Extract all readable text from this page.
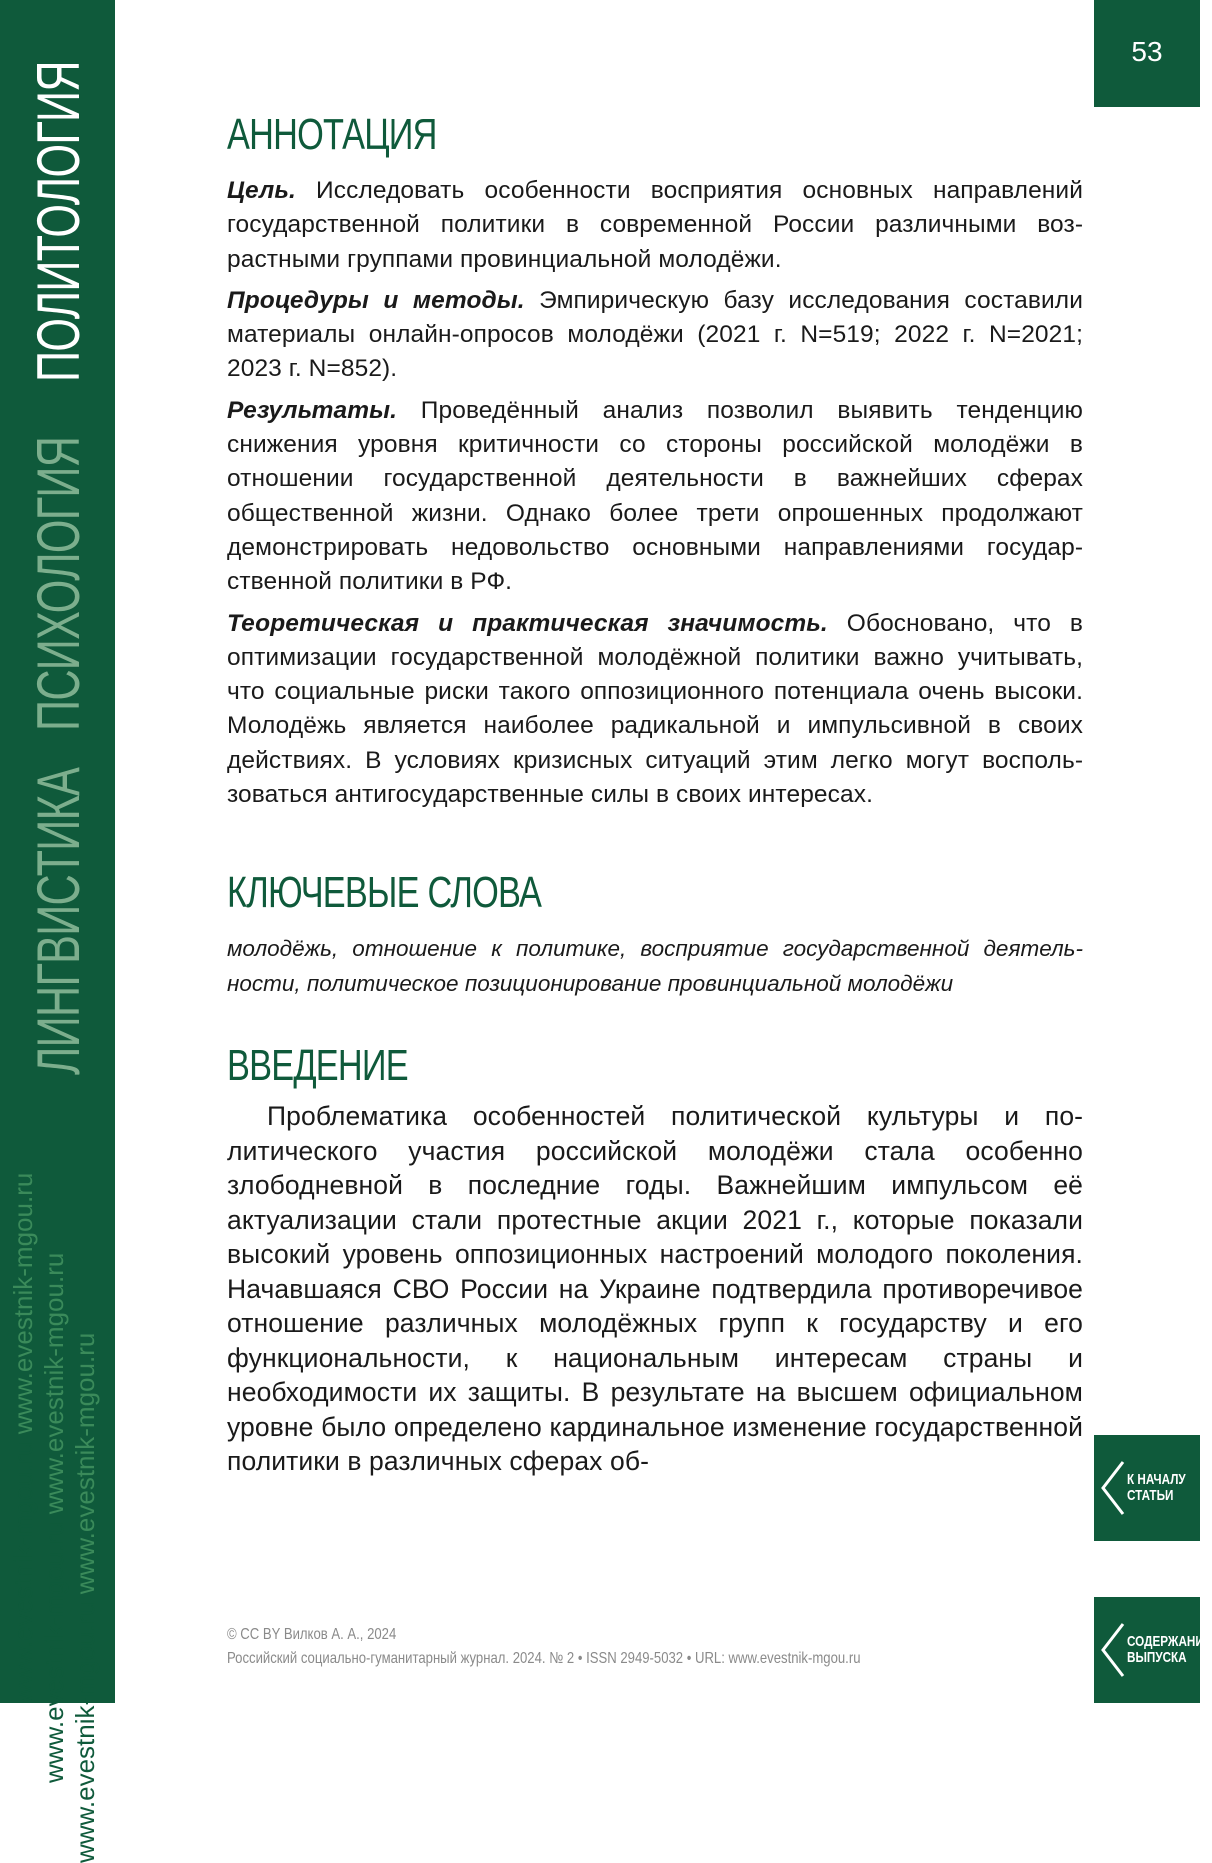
ЛИНГВИСТИКАПСИХОЛОГИЯПОЛИТОЛОГИЯ
www.evestnik-mgou.ru www.evestnik-mgou.ru
www.evestnik-mgou.ru www.evestnik-mgou.ru
www.evestnik-mgou.ru www.evestnik-mgou.ru
53
АННОТАЦИЯ

Цель. Исследовать особенности восприятия основных направлений государственной политики в современной России различными возрастными группами провинциальной молодёжи.

Процедуры и методы. Эмпирическую базу исследования составили материалы онлайн-опросов молодёжи (2021 г. N=519; 2022 г. N=2021; 2023 г. N=852).

Результаты. Проведённый анализ позволил выявить тенденцию снижения уровня критичности со стороны российской молодёжи в отношении государственной деятельности в важнейших сферах общественной жизни. Однако более трети опрошенных продолжают демонстрировать недовольство основными направлениями государственной политики в РФ.

Теоретическая и практическая значимость. Обосновано, что в оптимизации государственной молодёжной политики важно учитывать, что социальные риски такого оппозиционного потенциала очень высоки. Молодёжь является наиболее радикальной и импульсивной в своих действиях. В условиях кризисных ситуаций этим легко могут воспользоваться антигосударственные силы в своих интересах.

КЛЮЧЕВЫЕ СЛОВА

молодёжь, отношение к политике, восприятие государственной деятельности, политическое позиционирование провинциальной молодёжи

ВВЕДЕНИЕ

Проблематика особенностей политической культуры и политического участия российской молодёжи стала особенно злободневной в последние годы. Важнейшим импульсом её актуализации стали протестные акции 2021 г., которые показали высокий уровень оппозиционных настроений молодого поколения. Начавшаяся СВО России на Украине подтвердила противоречивое отношение различных молодёжных групп к государству и его функциональности, к национальным интересам страны и необходимости их защиты. В результате на высшем официальном уровне было определено кардинальное изменение государственной политики в различных сферах об-

К НАЧАЛУ
СТАТЬИ
СОДЕРЖАНИЕ
ВЫПУСКА
© CC BY Вилков А. А., 2024
Российский социально-гуманитарный журнал. 2024. № 2 • ISSN 2949-5032 • URL: www.evestnik-mgou.ru
